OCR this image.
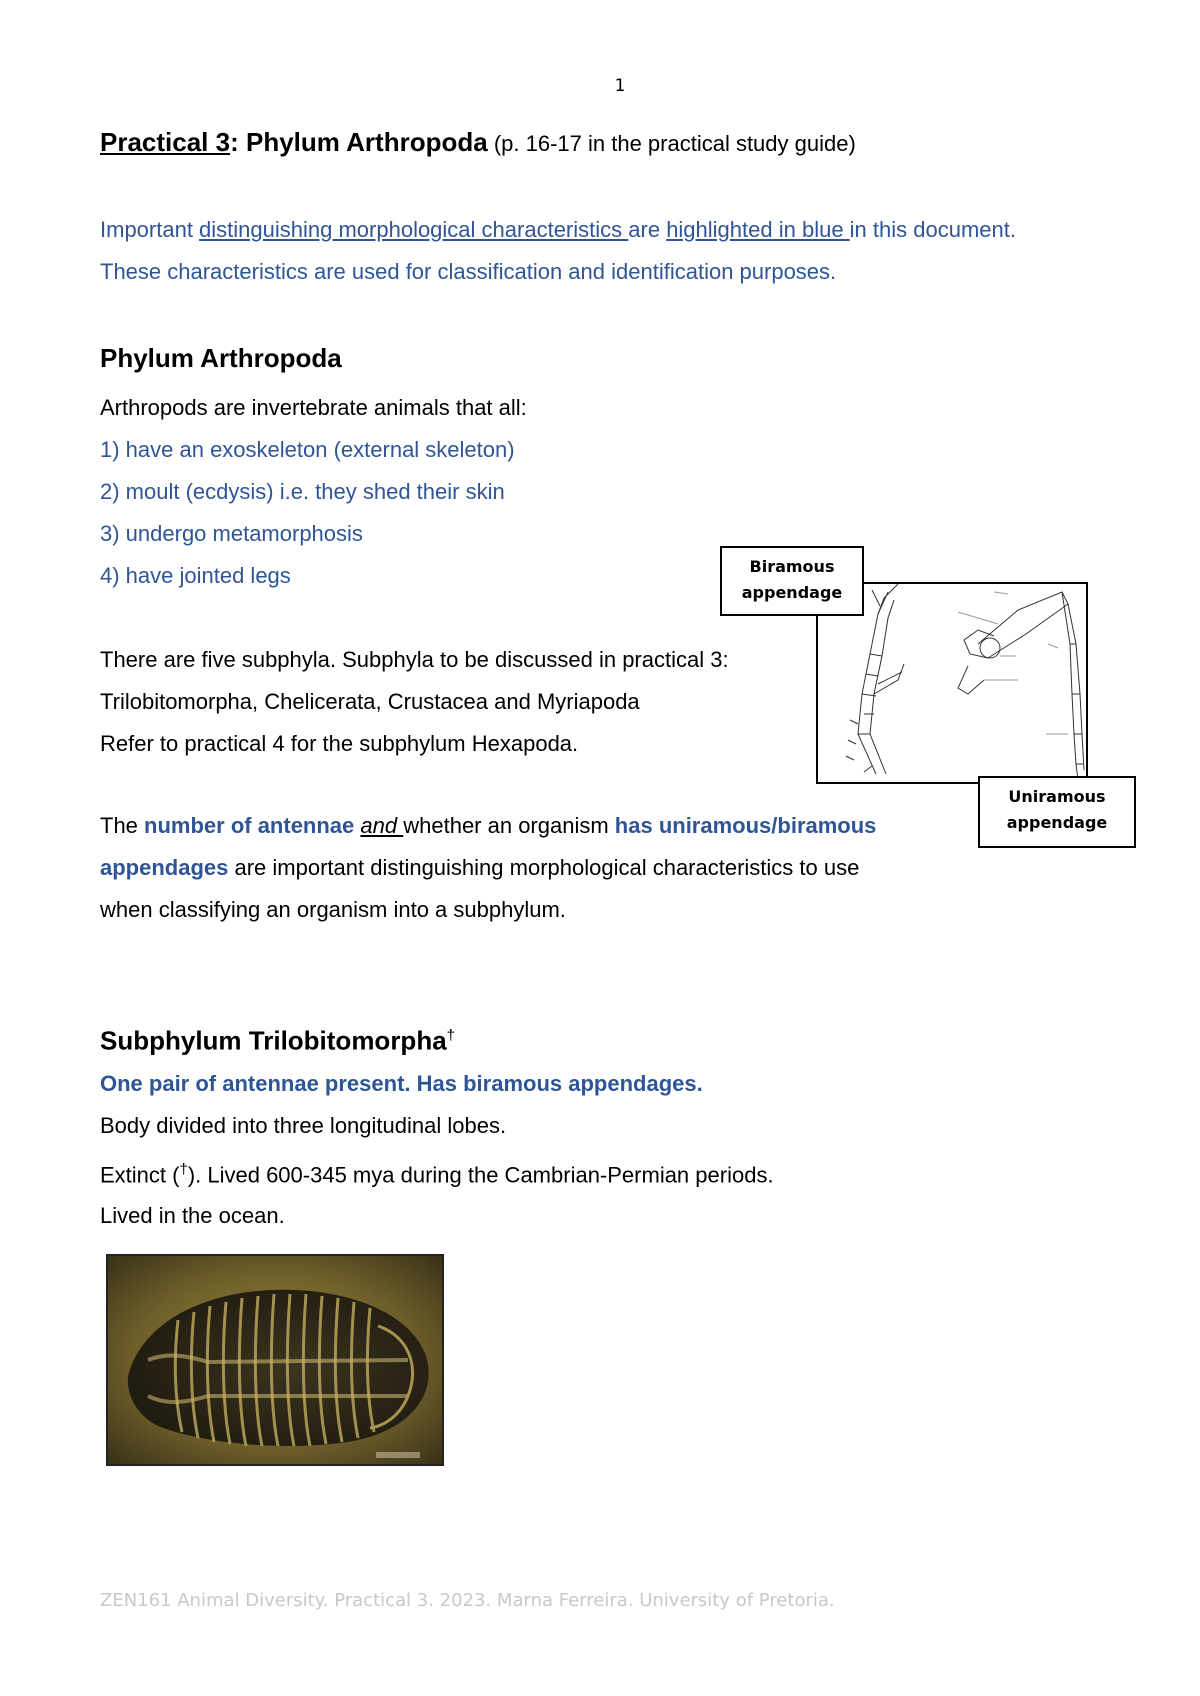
1
Practical 3: Phylum Arthropoda (p. 16-17 in the practical study guide)
Important distinguishing morphological characteristics are highlighted in blue in this document.
These characteristics are used for classification and identification purposes.
Phylum Arthropoda
Arthropods are invertebrate animals that all:
1) have an exoskeleton (external skeleton)
2) moult (ecdysis) i.e. they shed their skin
3) undergo metamorphosis
4) have jointed legs
There are five subphyla. Subphyla to be discussed in practical 3:
Trilobitomorpha, Chelicerata, Crustacea and Myriapoda
Refer to practical 4 for the subphylum Hexapoda.
The number of antennae and whether an organism has uniramous/biramous
appendages are important distinguishing morphological characteristics to use
when classifying an organism into a subphylum.
Biramous
appendage
Uniramous
appendage
Subphylum Trilobitomorpha†
One pair of antennae present. Has biramous appendages.
Body divided into three longitudinal lobes.
Extinct (†). Lived 600-345 mya during the Cambrian-Permian periods.
Lived in the ocean.
ZEN161 Animal Diversity. Practical 3. 2023. Marna Ferreira. University of Pretoria.
